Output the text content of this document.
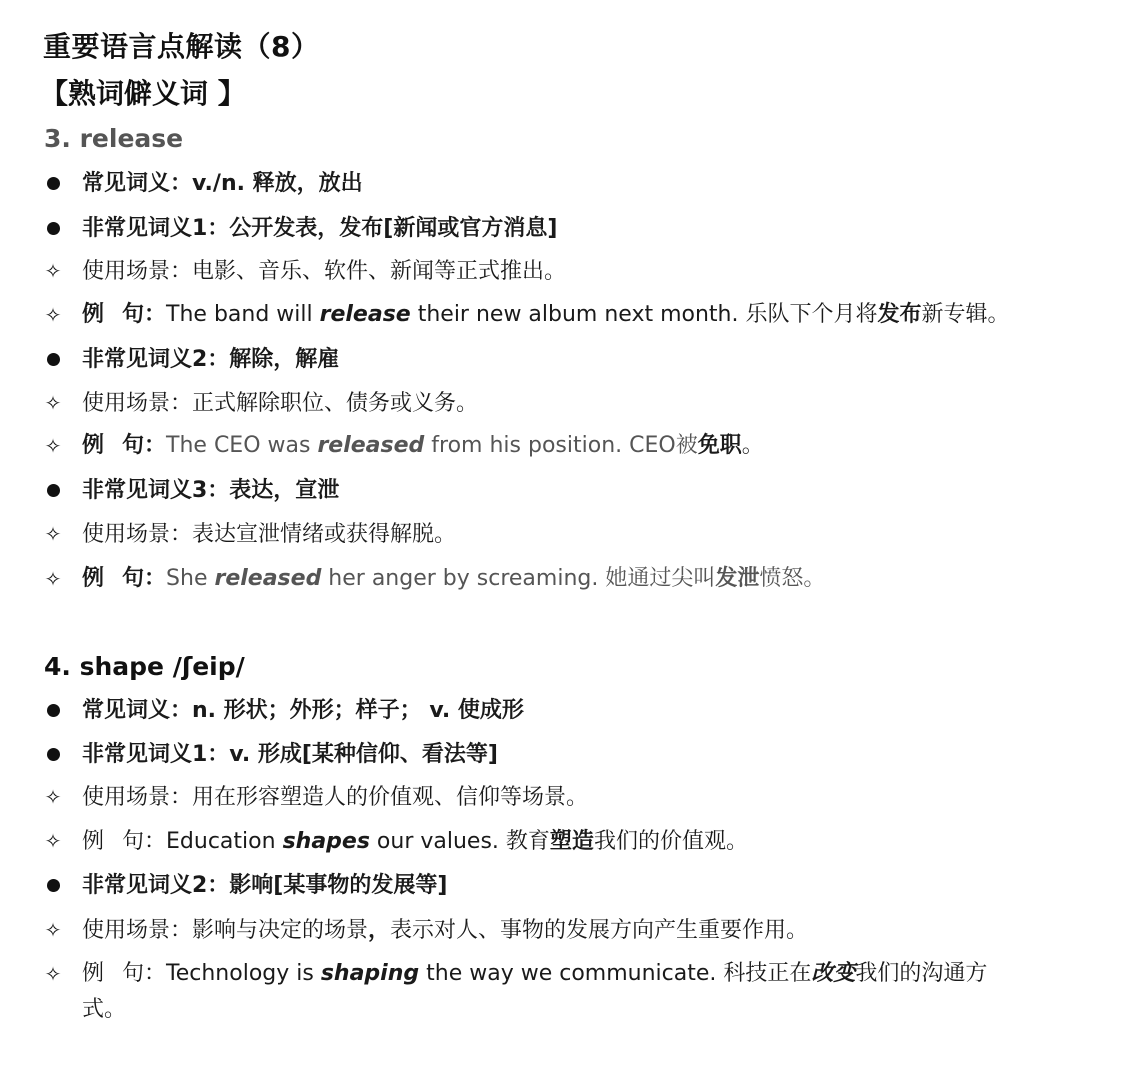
重要语言点解读（8）
【熟词僻义词 】
3. release
常见词义：v./n. 释放，放出
非常见词义1：公开发表，发布[新闻或官方消息]
✧ 使用场景：电影、音乐、软件、新闻等正式推出。
✧ 例 句：The band will release their new album next month. 乐队下个月将发布新专辑。
非常见词义2：解除，解雇
✧ 使用场景：正式解除职位、债务或义务。
✧ 例 句：The CEO was released from his position. CEO被免职。
非常见词义3：表达，宣泄
✧ 使用场景：表达宣泄情绪或获得解脱。
✧ 例 句：She released her anger by screaming. 她通过尖叫发泄愤怒。
4. shape /ʃeip/
常见词义：n. 形状；外形；样子； v. 使成形
非常见词义1：v. 形成[某种信仰、看法等]
✧ 使用场景：用在形容塑造人的价值观、信仰等场景。
✧ 例 句：Education shapes our values. 教育塑造我们的价值观。
非常见词义2：影响[某事物的发展等]
✧ 使用场景：影响与决定的场景，表示对人、事物的发展方向产生重要作用。
✧ 例 句：Technology is shaping the way we communicate. 科技正在改变我们的沟通方
式。
